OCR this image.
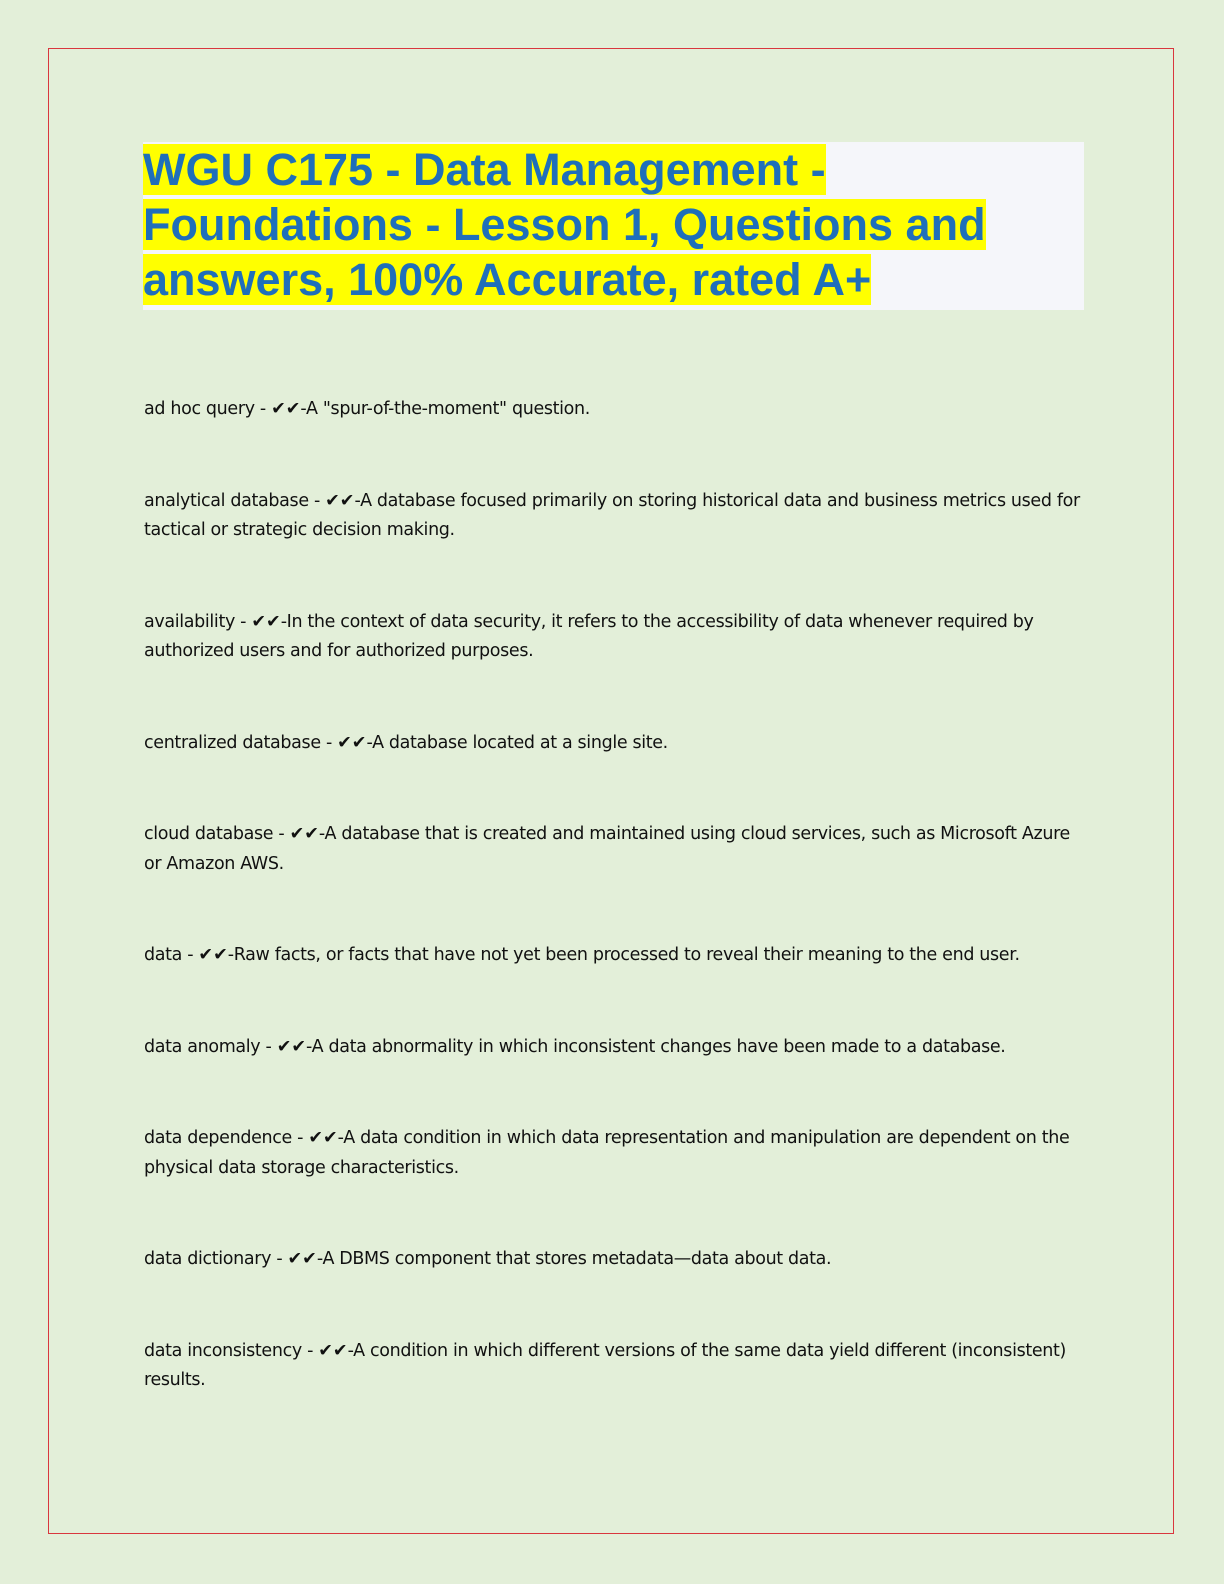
WGU C175 - Data Management -
Foundations - Lesson 1, Questions and
answers, 100% Accurate, rated A+

ad hoc query - ✔✔-A "spur-of-the-moment" question.

analytical database - ✔✔-A database focused primarily on storing historical data and business metrics used for tactical or strategic decision making.

availability - ✔✔-In the context of data security, it refers to the accessibility of data whenever required by authorized users and for authorized purposes.

centralized database - ✔✔-A database located at a single site.

cloud database - ✔✔-A database that is created and maintained using cloud services, such as Microsoft Azure or Amazon AWS.

data - ✔✔-Raw facts, or facts that have not yet been processed to reveal their meaning to the end user.

data anomaly - ✔✔-A data abnormality in which inconsistent changes have been made to a database.

data dependence - ✔✔-A data condition in which data representation and manipulation are dependent on the physical data storage characteristics.

data dictionary - ✔✔-A DBMS component that stores metadata—data about data.

data inconsistency - ✔✔-A condition in which different versions of the same data yield different (inconsistent) results.
